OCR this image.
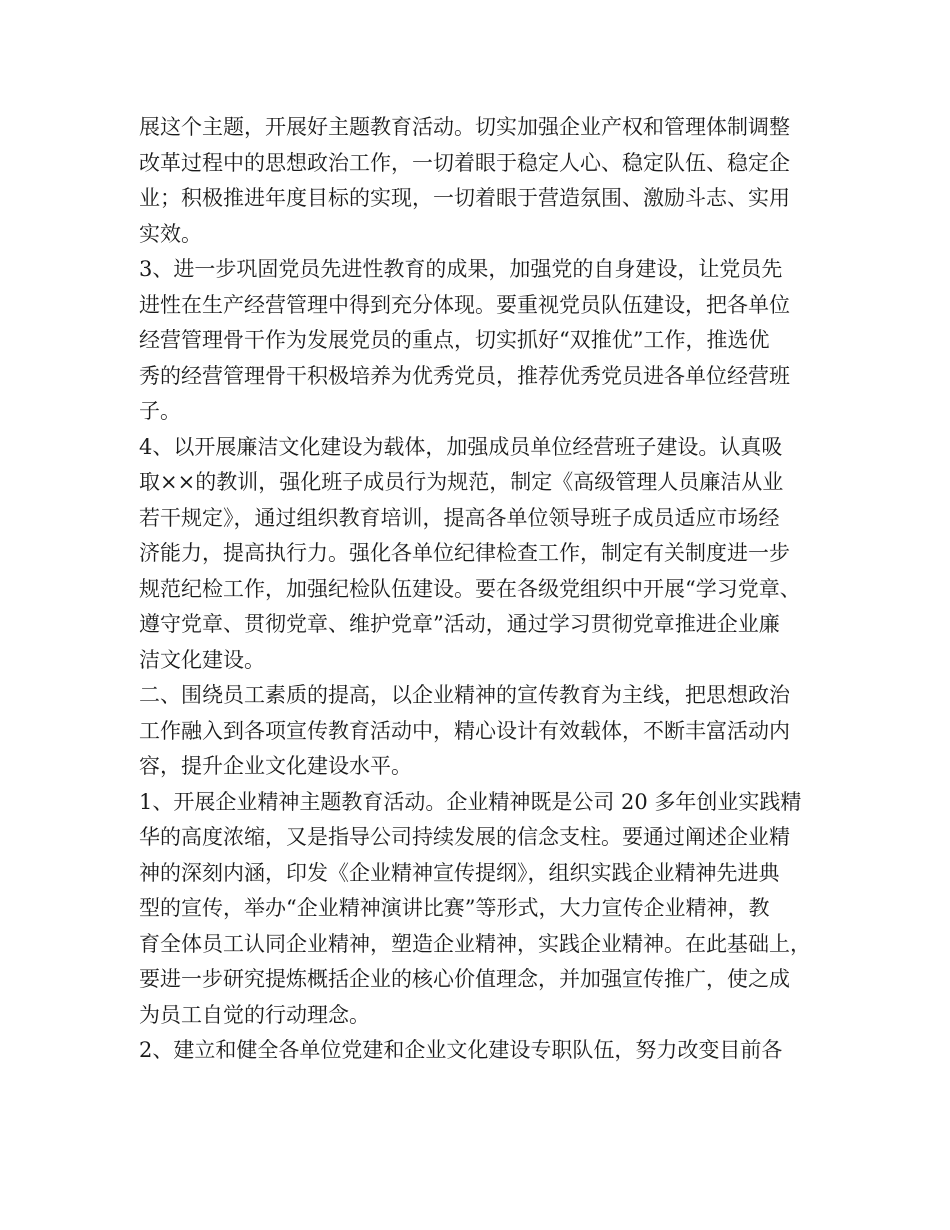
展这个主题，开展好主题教育活动。切实加强企业产权和管理体制调整
改革过程中的思想政治工作，一切着眼于稳定人心、稳定队伍、稳定企
业；积极推进年度目标的实现，一切着眼于营造氛围、激励斗志、实用
实效。
3、进一步巩固党员先进性教育的成果，加强党的自身建设，让党员先
进性在生产经营管理中得到充分体现。要重视党员队伍建设，把各单位
经营管理骨干作为发展党员的重点，切实抓好“双推优”工作，推选优
秀的经营管理骨干积极培养为优秀党员，推荐优秀党员进各单位经营班
子。
4、以开展廉洁文化建设为载体，加强成员单位经营班子建设。认真吸
取××的教训，强化班子成员行为规范，制定《高级管理人员廉洁从业
若干规定》，通过组织教育培训，提高各单位领导班子成员适应市场经
济能力，提高执行力。强化各单位纪律检查工作，制定有关制度进一步
规范纪检工作，加强纪检队伍建设。要在各级党组织中开展“学习党章、
遵守党章、贯彻党章、维护党章”活动，通过学习贯彻党章推进企业廉
洁文化建设。
二、围绕员工素质的提高，以企业精神的宣传教育为主线，把思想政治
工作融入到各项宣传教育活动中，精心设计有效载体，不断丰富活动内
容，提升企业文化建设水平。
1、开展企业精神主题教育活动。企业精神既是公司 20 多年创业实践精
华的高度浓缩，又是指导公司持续发展的信念支柱。要通过阐述企业精
神的深刻内涵，印发《企业精神宣传提纲》，组织实践企业精神先进典
型的宣传，举办“企业精神演讲比赛”等形式，大力宣传企业精神，教
育全体员工认同企业精神，塑造企业精神，实践企业精神。在此基础上，
要进一步研究提炼概括企业的核心价值理念，并加强宣传推广，使之成
为员工自觉的行动理念。
2、建立和健全各单位党建和企业文化建设专职队伍，努力改变目前各
